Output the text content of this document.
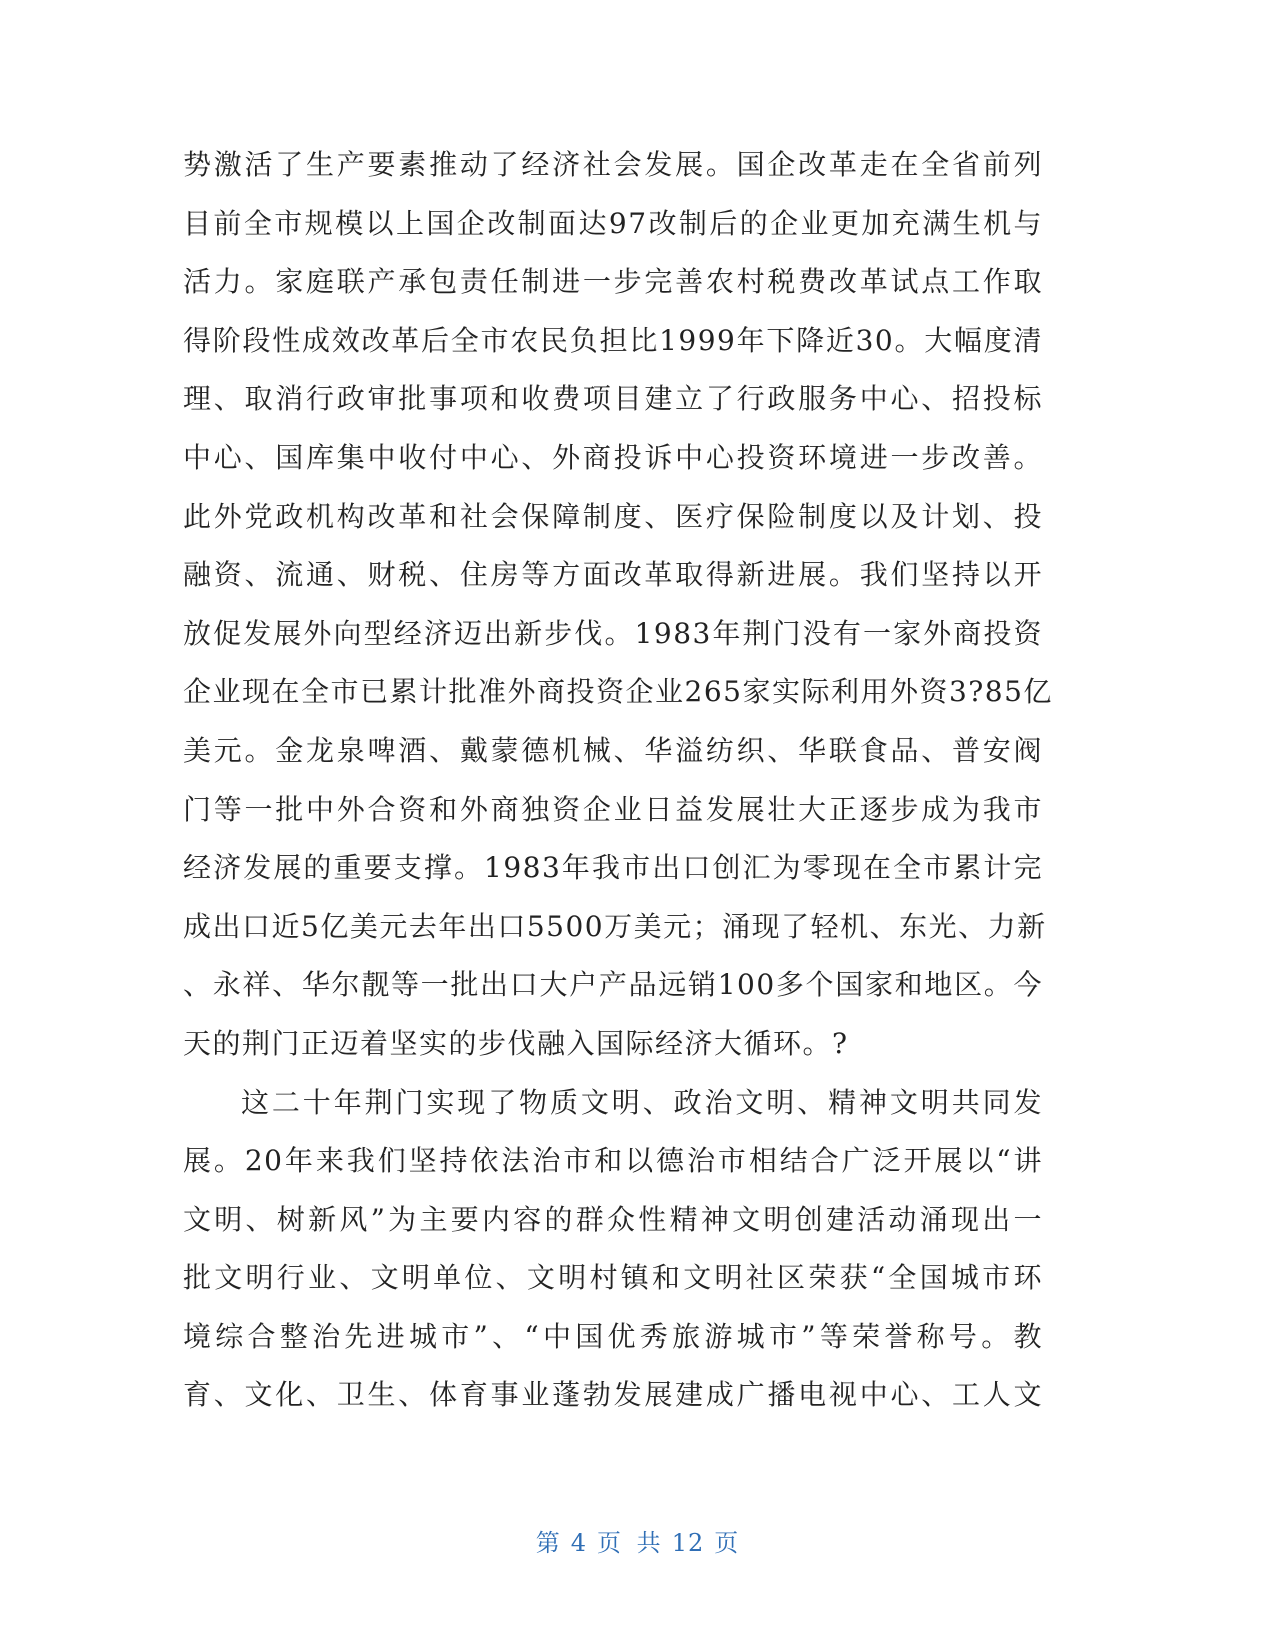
势激活了生产要素推动了经济社会发展。国企改革走在全省前列
目前全市规模以上国企改制面达97改制后的企业更加充满生机与
活力。家庭联产承包责任制进一步完善农村税费改革试点工作取
得阶段性成效改革后全市农民负担比1999年下降近30。大幅度清
理、取消行政审批事项和收费项目建立了行政服务中心、招投标
中心、国库集中收付中心、外商投诉中心投资环境进一步改善。
此外党政机构改革和社会保障制度、医疗保险制度以及计划、投
融资、流通、财税、住房等方面改革取得新进展。我们坚持以开
放促发展外向型经济迈出新步伐。1983年荆门没有一家外商投资
企业现在全市已累计批准外商投资企业265家实际利用外资3?85亿
美元。金龙泉啤酒、戴蒙德机械、华溢纺织、华联食品、普安阀
门等一批中外合资和外商独资企业日益发展壮大正逐步成为我市
经济发展的重要支撑。1983年我市出口创汇为零现在全市累计完
成出口近5亿美元去年出口5500万美元；涌现了轻机、东光、力新
、永祥、华尔靓等一批出口大户产品远销100多个国家和地区。今
天的荆门正迈着坚实的步伐融入国际经济大循环。?

这二十年荆门实现了物质文明、政治文明、精神文明共同发
展。20年来我们坚持依法治市和以德治市相结合广泛开展以“讲
文明、树新风”为主要内容的群众性精神文明创建活动涌现出一
批文明行业、文明单位、文明村镇和文明社区荣获“全国城市环
境综合整治先进城市”、“中国优秀旅游城市”等荣誉称号。教
育、文化、卫生、体育事业蓬勃发展建成广播电视中心、工人文

第 4 页 共 12 页
